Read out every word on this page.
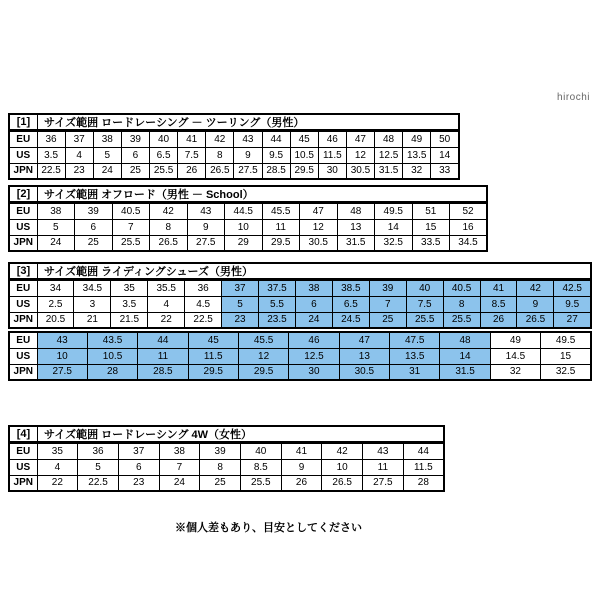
hirochi
[1]	サイズ範囲 ロードレーシング － ツーリング（男性）
EU	36	37	38	39	40	41	42	43	44	45	46	47	48	49	50
US	3.5	4	5	6	6.5	7.5	8	9	9.5	10.5	11.5	12	12.5	13.5	14
JPN	22.5	23	24	25	25.5	26	26.5	27.5	28.5	29.5	30	30.5	31.5	32	33
[2]	サイズ範囲 オフロード（男性 － School）
EU	38	39	40.5	42	43	44.5	45.5	47	48	49.5	51	52
US	5	6	7	8	9	10	11	12	13	14	15	16
JPN	24	25	25.5	26.5	27.5	29	29.5	30.5	31.5	32.5	33.5	34.5
[3]	サイズ範囲 ライディングシューズ（男性）
EU	34	34.5	35	35.5	36	37	37.5	38	38.5	39	40	40.5	41	42	42.5
US	2.5	3	3.5	4	4.5	5	5.5	6	6.5	7	7.5	8	8.5	9	9.5
JPN	20.5	21	21.5	22	22.5	23	23.5	24	24.5	25	25.5	25.5	26	26.5	27
EU	43	43.5	44	45	45.5	46	47	47.5	48	49	49.5
US	10	10.5	11	11.5	12	12.5	13	13.5	14	14.5	15
JPN	27.5	28	28.5	29.5	29.5	30	30.5	31	31.5	32	32.5
[4]	サイズ範囲 ロードレーシング 4W（女性）
EU	35	36	37	38	39	40	41	42	43	44
US	4	5	6	7	8	8.5	9	10	11	11.5
JPN	22	22.5	23	24	25	25.5	26	26.5	27.5	28
※個人差もあり、目安としてください
